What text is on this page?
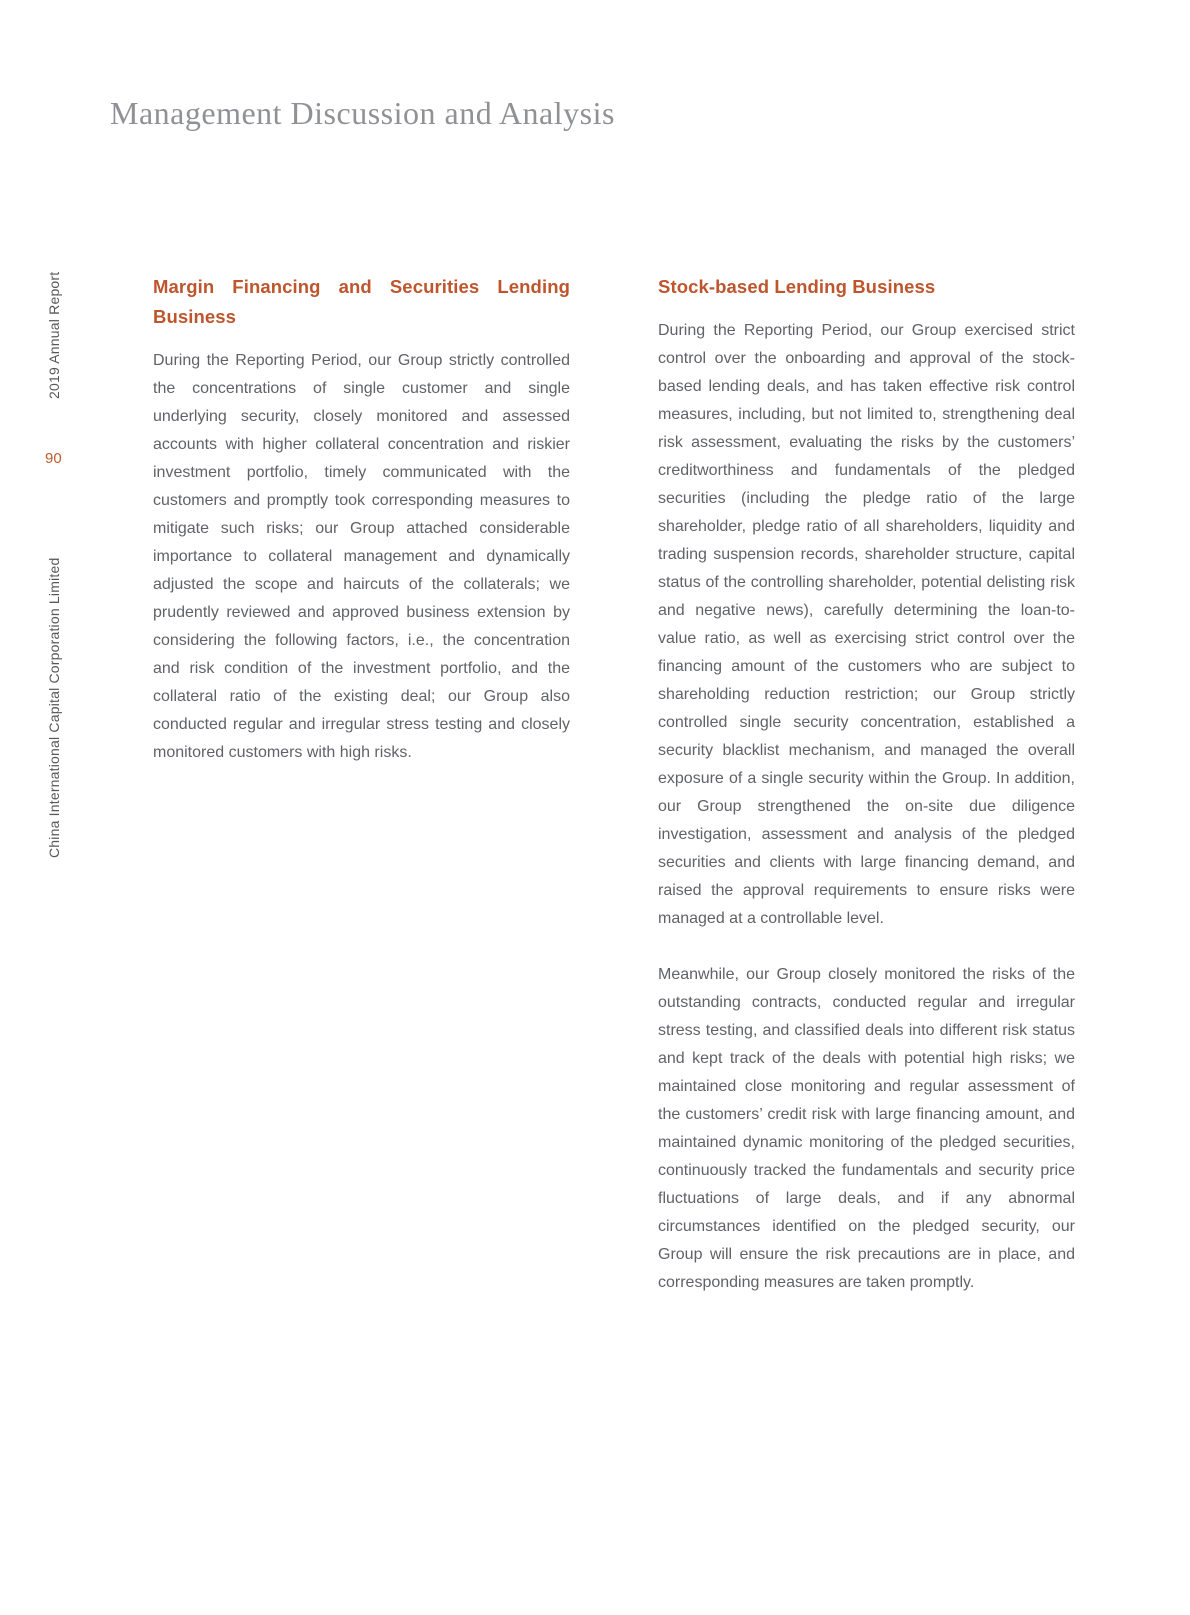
Management Discussion and Analysis
2019 Annual Report
90
China International Capital Corporation Limited
Margin Financing and Securities Lending Business

During the Reporting Period, our Group strictly controlled the concentrations of single customer and single underlying security, closely monitored and assessed accounts with higher collateral concentration and riskier investment portfolio, timely communicated with the customers and promptly took corresponding measures to mitigate such risks; our Group attached considerable importance to collateral management and dynamically adjusted the scope and haircuts of the collaterals; we prudently reviewed and approved business extension by considering the following factors, i.e., the concentration and risk condition of the investment portfolio, and the collateral ratio of the existing deal; our Group also conducted regular and irregular stress testing and closely monitored customers with high risks.

Stock-based Lending Business

During the Reporting Period, our Group exercised strict control over the onboarding and approval of the stock-based lending deals, and has taken effective risk control measures, including, but not limited to, strengthening deal risk assessment, evaluating the risks by the customers’ creditworthiness and fundamentals of the pledged securities (including the pledge ratio of the large shareholder, pledge ratio of all shareholders, liquidity and trading suspension records, shareholder structure, capital status of the controlling shareholder, potential delisting risk and negative news), carefully determining the loan-to-value ratio, as well as exercising strict control over the financing amount of the customers who are subject to shareholding reduction restriction; our Group strictly controlled single security concentration, established a security blacklist mechanism, and managed the overall exposure of a single security within the Group. In addition, our Group strengthened the on-site due diligence investigation, assessment and analysis of the pledged securities and clients with large financing demand, and raised the approval requirements to ensure risks were managed at a controllable level.

Meanwhile, our Group closely monitored the risks of the outstanding contracts, conducted regular and irregular stress testing, and classified deals into different risk status and kept track of the deals with potential high risks; we maintained close monitoring and regular assessment of the customers’ credit risk with large financing amount, and maintained dynamic monitoring of the pledged securities, continuously tracked the fundamentals and security price fluctuations of large deals, and if any abnormal circumstances identified on the pledged security, our Group will ensure the risk precautions are in place, and corresponding measures are taken promptly.
